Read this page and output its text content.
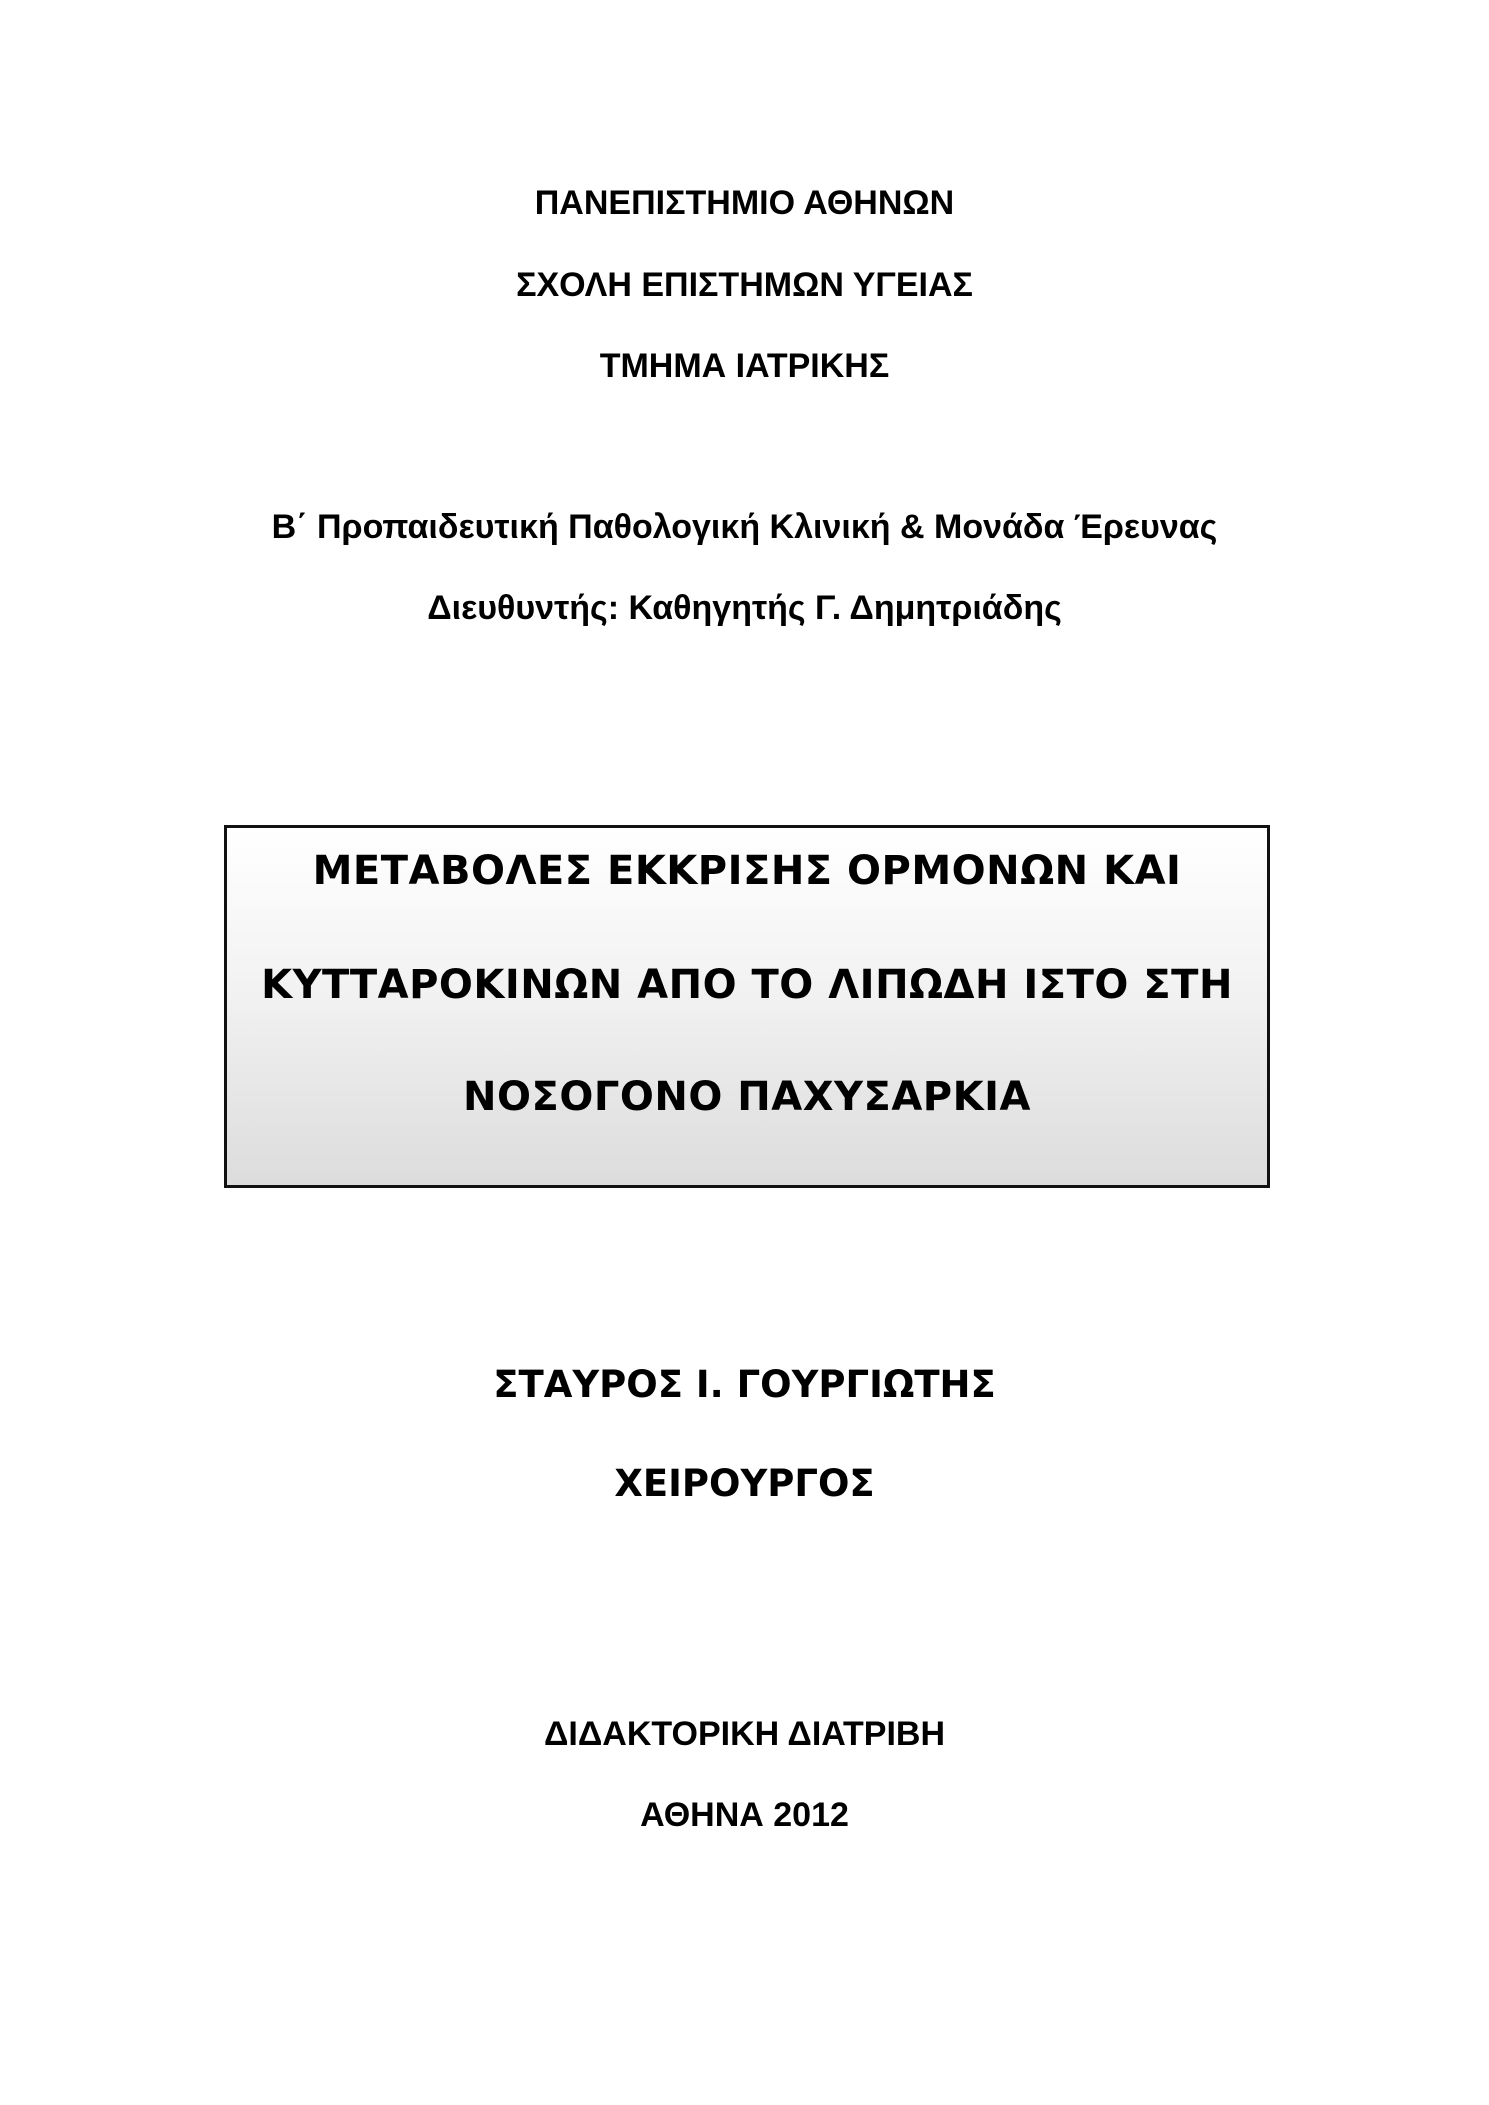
ΠΑΝΕΠΙΣΤΗΜΙΟ ΑΘΗΝΩΝ
ΣΧΟΛΗ ΕΠΙΣΤΗΜΩΝ ΥΓΕΙΑΣ
ΤΜΗΜΑ ΙΑΤΡΙΚΗΣ
Β΄ Προπαιδευτική Παθολογική Κλινική & Μονάδα Έρευνας
Διευθυντής: Καθηγητής Γ. Δημητριάδης
ΜΕΤΑΒΟΛΕΣ ΕΚΚΡΙΣΗΣ ΟΡΜΟΝΩΝ ΚΑΙ
ΚΥΤΤΑΡΟΚΙΝΩΝ ΑΠΟ ΤΟ ΛΙΠΩΔΗ ΙΣΤΟ ΣΤΗ
ΝΟΣΟΓΟΝΟ ΠΑΧΥΣΑΡΚΙΑ
ΣΤΑΥΡΟΣ Ι. ΓΟΥΡΓΙΩΤΗΣ
ΧΕΙΡΟΥΡΓΟΣ
ΔΙΔΑΚΤΟΡΙΚΗ ΔΙΑΤΡΙΒΗ
ΑΘΗΝΑ 2012
